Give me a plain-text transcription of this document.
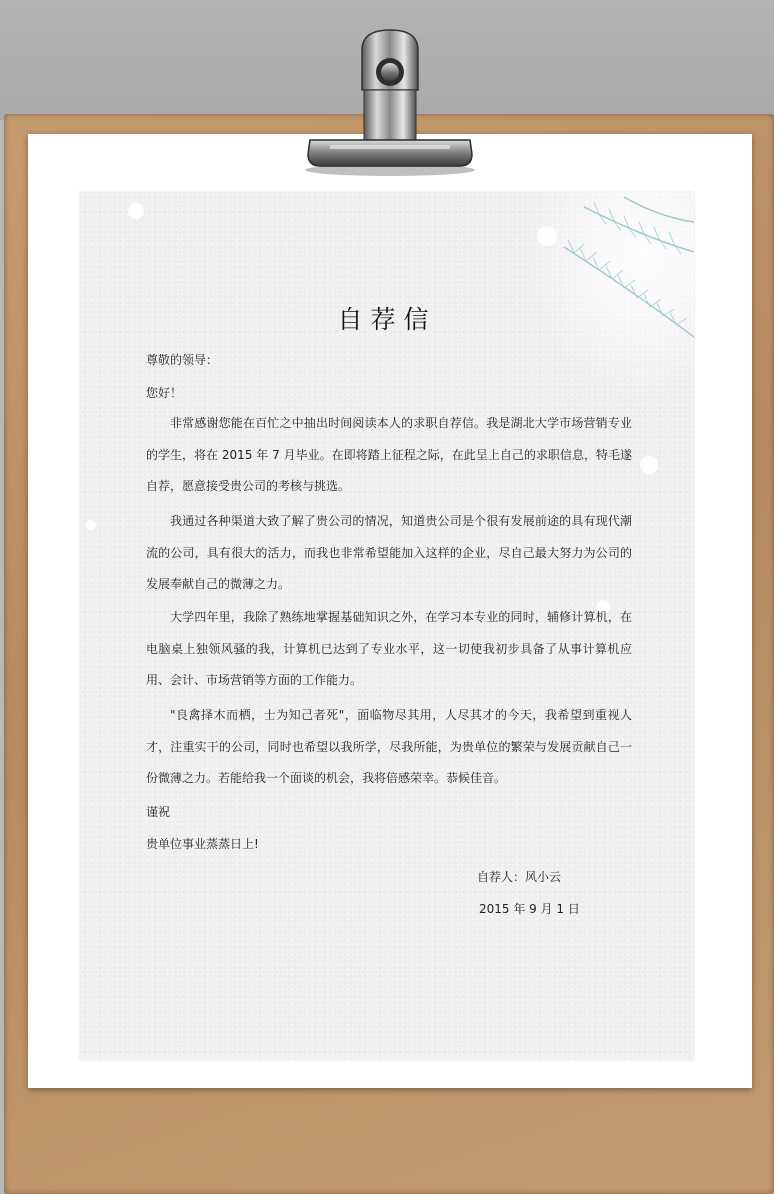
自荐信
尊敬的领导：
您好！
非常感谢您能在百忙之中抽出时间阅读本人的求职自荐信。我是湖北大学市场营销专业的学生，将在 2015 年 7 月毕业。在即将踏上征程之际，在此呈上自己的求职信息，特毛遂自荐，愿意接受贵公司的考核与挑选。
我通过各种渠道大致了解了贵公司的情况，知道贵公司是个很有发展前途的具有现代潮流的公司，具有很大的活力，而我也非常希望能加入这样的企业，尽自己最大努力为公司的发展奉献自己的微薄之力。
大学四年里，我除了熟练地掌握基础知识之外，在学习本专业的同时，辅修计算机，在电脑桌上独领风骚的我，计算机已达到了专业水平，这一切使我初步具备了从事计算机应用、会计、市场营销等方面的工作能力。
"良禽择木而栖，士为知己者死"，面临物尽其用，人尽其才的今天，我希望到重视人才，注重实干的公司，同时也希望以我所学，尽我所能，为贵单位的繁荣与发展贡献自己一份微薄之力。若能给我一个面谈的机会，我将倍感荣幸。恭候佳音。
谨祝
贵单位事业蒸蒸日上!
自荐人：风小云
2015 年 9 月 1 日
